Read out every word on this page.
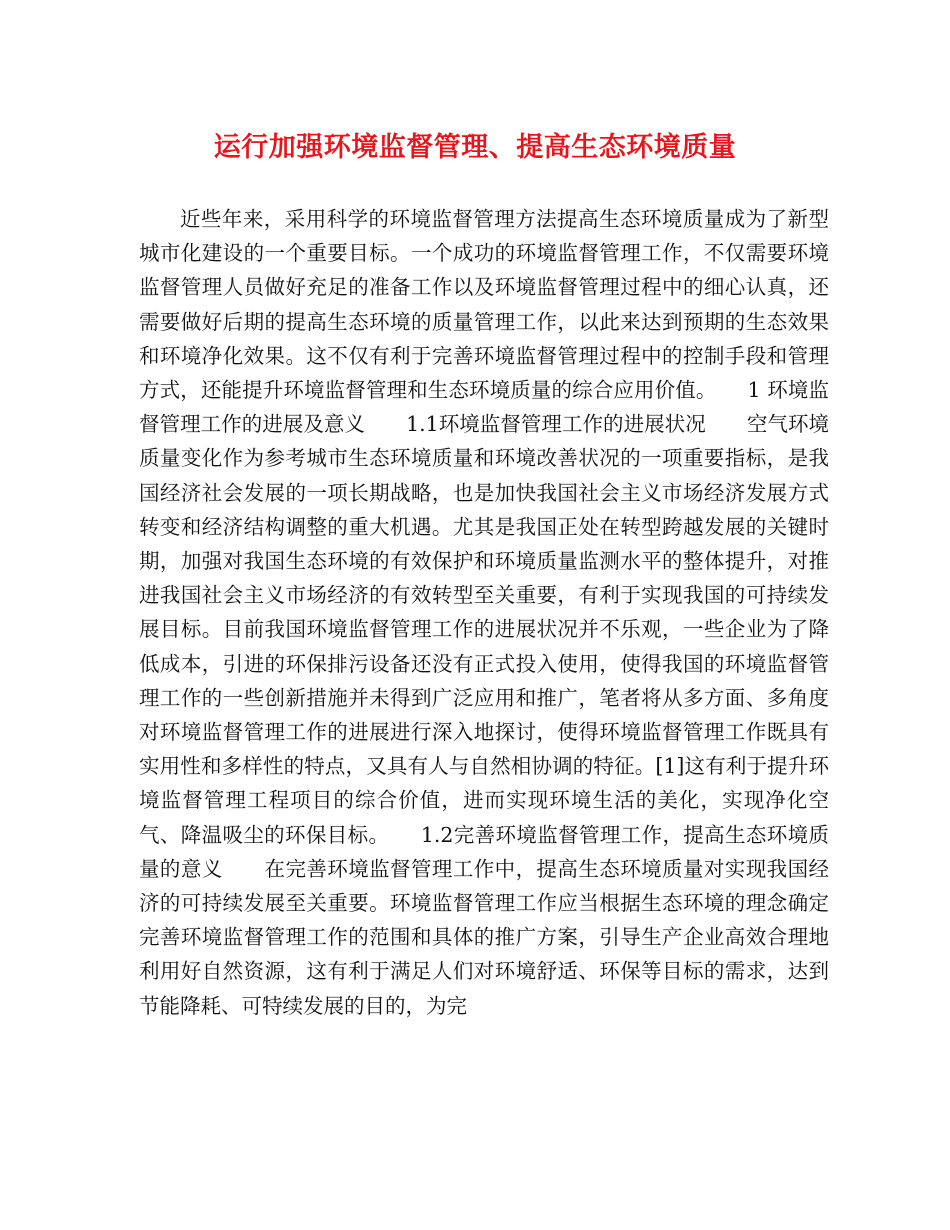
运行加强环境监督管理、提高生态环境质量

近些年来，采用科学的环境监督管理方法提高生态环境质量成为了新型城市化建设的一个重要目标。一个成功的环境监督管理工作，不仅需要环境监督管理人员做好充足的准备工作以及环境监督管理过程中的细心认真，还需要做好后期的提高生态环境的质量管理工作，以此来达到预期的生态效果和环境净化效果。这不仅有利于完善环境监督管理过程中的控制手段和管理方式，还能提升环境监督管理和生态环境质量的综合应用价值。　　1 环境监督管理工作的进展及意义　　1.1环境监督管理工作的进展状况　　空气环境质量变化作为参考城市生态环境质量和环境改善状况的一项重要指标，是我国经济社会发展的一项长期战略，也是加快我国社会主义市场经济发展方式转变和经济结构调整的重大机遇。尤其是我国正处在转型跨越发展的关键时期，加强对我国生态环境的有效保护和环境质量监测水平的整体提升，对推进我国社会主义市场经济的有效转型至关重要，有利于实现我国的可持续发展目标。目前我国环境监督管理工作的进展状况并不乐观，一些企业为了降低成本，引进的环保排污设备还没有正式投入使用，使得我国的环境监督管理工作的一些创新措施并未得到广泛应用和推广，笔者将从多方面、多角度对环境监督管理工作的进展进行深入地探讨，使得环境监督管理工作既具有实用性和多样性的特点，又具有人与自然相协调的特征。[1]这有利于提升环境监督管理工程项目的综合价值，进而实现环境生活的美化，实现净化空气、降温吸尘的环保目标。　　1.2完善环境监督管理工作，提高生态环境质量的意义　　在完善环境监督管理工作中，提高生态环境质量对实现我国经济的可持续发展至关重要。环境监督管理工作应当根据生态环境的理念确定完善环境监督管理工作的范围和具体的推广方案，引导生产企业高效合理地利用好自然资源，这有利于满足人们对环境舒适、环保等目标的需求，达到节能降耗、可特续发展的目的，为完
